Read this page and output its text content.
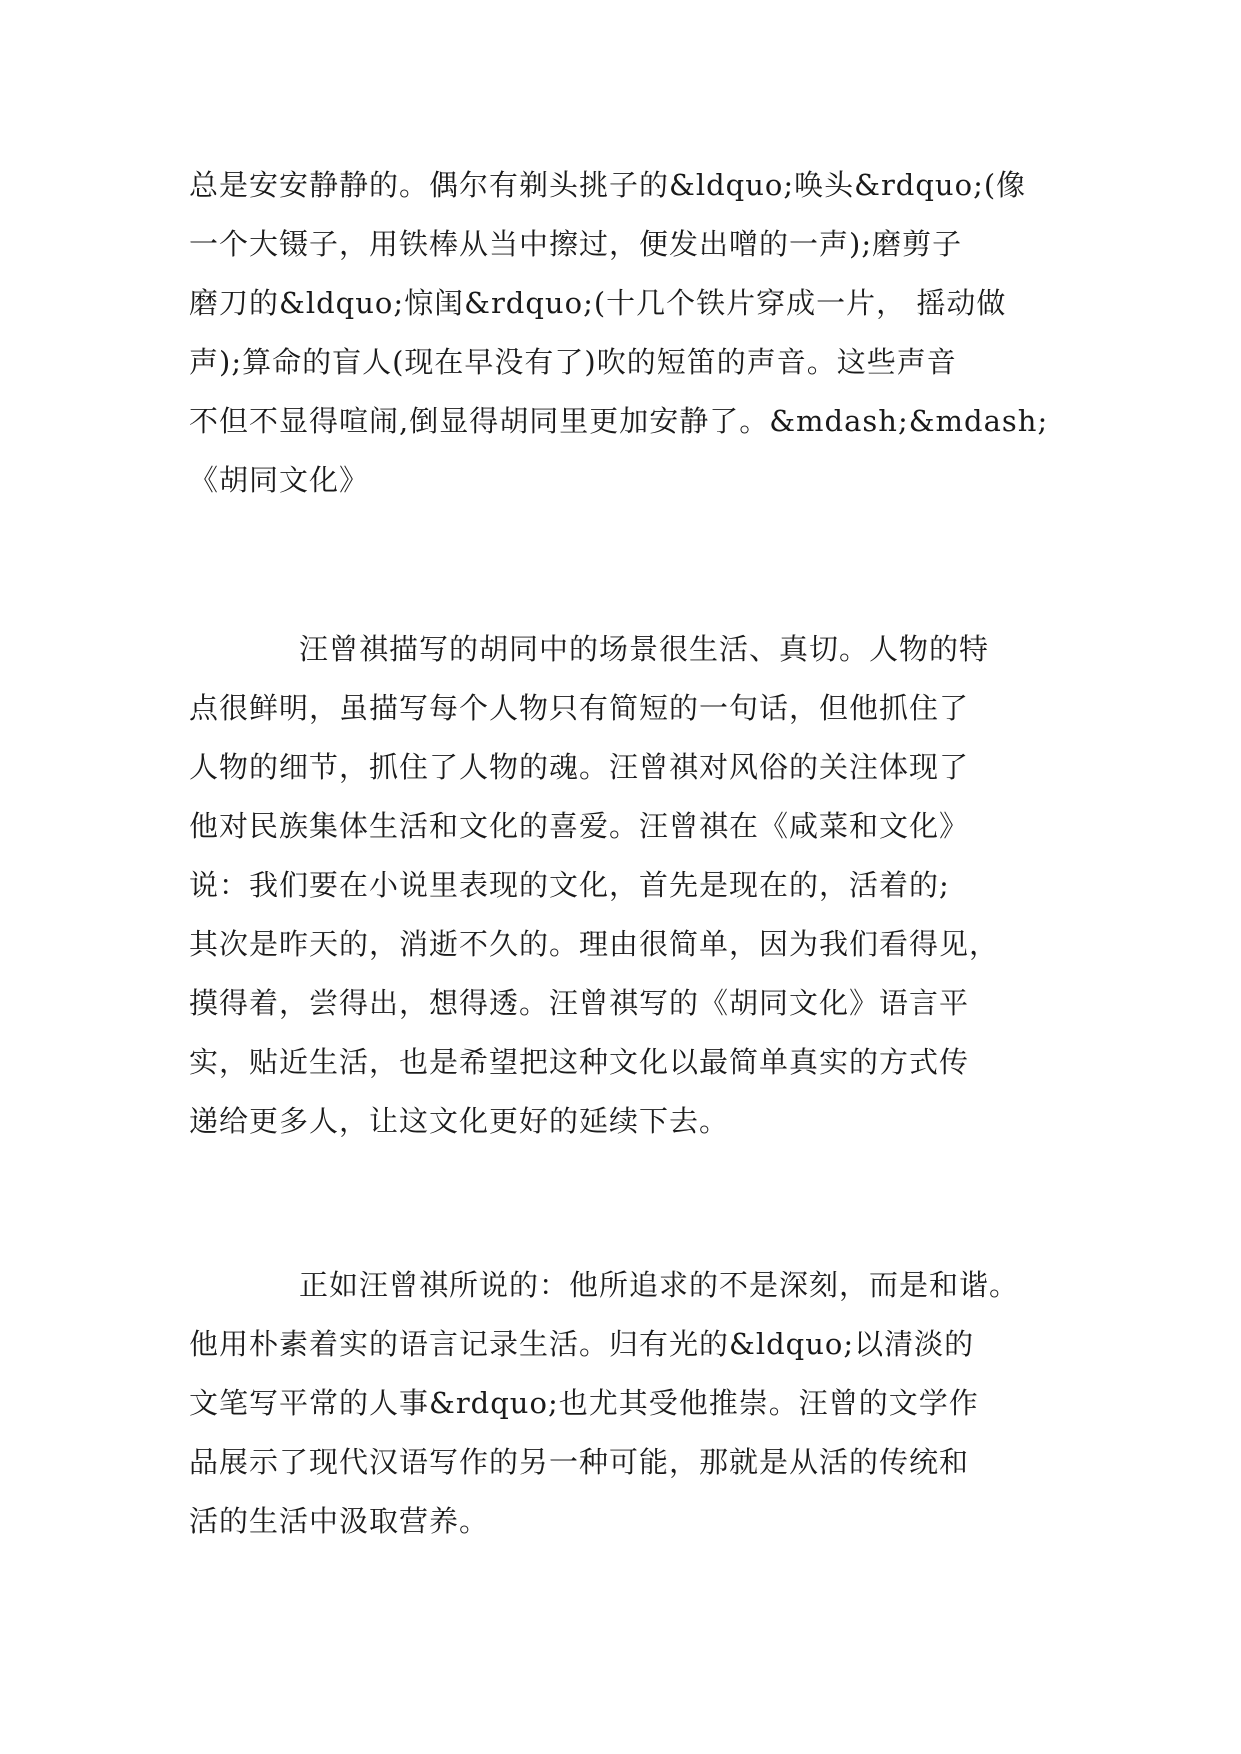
总是安安静静的。偶尔有剃头挑子的&ldquo;唤头&rdquo;(像
一个大镊子，用铁棒从当中擦过，便发出噌的一声);磨剪子
磨刀的&ldquo;惊闺&rdquo;(十几个铁片穿成一片， 摇动做
声);算命的盲人(现在早没有了)吹的短笛的声音。这些声音
不但不显得喧闹,倒显得胡同里更加安静了。&mdash;&mdash;
《胡同文化》
汪曾祺描写的胡同中的场景很生活、真切。人物的特
点很鲜明，虽描写每个人物只有简短的一句话，但他抓住了
人物的细节，抓住了人物的魂。汪曾祺对风俗的关注体现了
他对民族集体生活和文化的喜爱。汪曾祺在《咸菜和文化》
说：我们要在小说里表现的文化，首先是现在的，活着的;
其次是昨天的，消逝不久的。理由很简单，因为我们看得见，
摸得着，尝得出，想得透。汪曾祺写的《胡同文化》语言平
实，贴近生活，也是希望把这种文化以最简单真实的方式传
递给更多人，让这文化更好的延续下去。
正如汪曾祺所说的：他所追求的不是深刻，而是和谐。
他用朴素着实的语言记录生活。归有光的&ldquo;以清淡的
文笔写平常的人事&rdquo;也尤其受他推崇。汪曾的文学作
品展示了现代汉语写作的另一种可能，那就是从活的传统和
活的生活中汲取营养。
